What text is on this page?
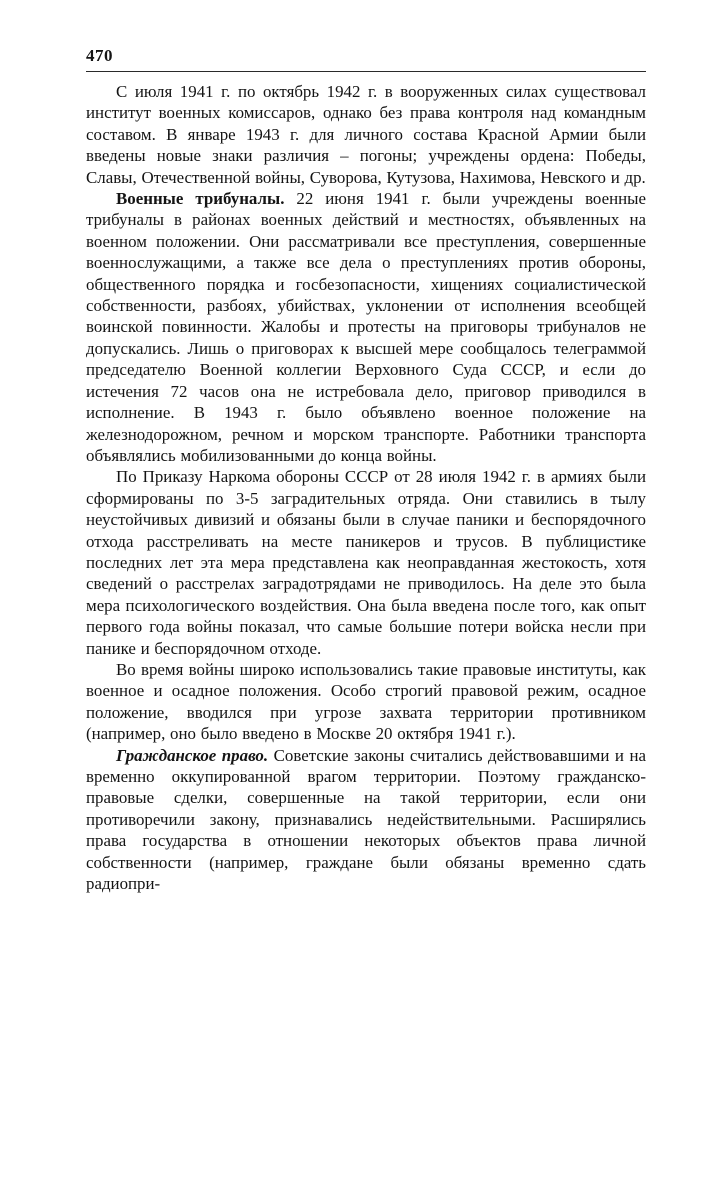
470

С июля 1941 г. по октябрь 1942 г. в вооруженных силах существовал институт военных комиссаров, однако без права контроля над командным составом. В январе 1943 г. для личного состава Красной Армии были введены новые знаки различия – погоны; учреждены ордена: Победы, Славы, Отечественной войны, Суворова, Кутузова, Нахимова, Невского и др.

Военные трибуналы. 22 июня 1941 г. были учреждены военные трибуналы в районах военных действий и местностях, объявленных на военном положении. Они рассматривали все преступления, совершенные военнослужащими, а также все дела о преступлениях против обороны, общественного порядка и госбезопасности, хищениях социалистической собственности, разбоях, убийствах, уклонении от исполнения всеобщей воинской повинности. Жалобы и протесты на приговоры трибуналов не допускались. Лишь о приговорах к высшей мере сообщалось телеграммой председателю Военной коллегии Верховного Суда СССР, и если до истечения 72 часов она не истребовала дело, приговор приводился в исполнение. В 1943 г. было объявлено военное положение на железнодорожном, речном и морском транспорте. Работники транспорта объявлялись мобилизованными до конца войны.

По Приказу Наркома обороны СССР от 28 июля 1942 г. в армиях были сформированы по 3-5 заградительных отряда. Они ставились в тылу неустойчивых дивизий и обязаны были в случае паники и беспорядочного отхода расстреливать на месте паникеров и трусов. В публицистике последних лет эта мера представлена как неоправданная жестокость, хотя сведений о расстрелах заградотрядами не приводилось. На деле это была мера психологического воздействия. Она была введена после того, как опыт первого года войны показал, что самые большие потери войска несли при панике и беспорядочном отходе.

Во время войны широко использовались такие правовые институты, как военное и осадное положения. Особо строгий правовой режим, осадное положение, вводился при угрозе захвата территории противником (например, оно было введено в Москве 20 октября 1941 г.).

Гражданское право. Советские законы считались действовавшими и на временно оккупированной врагом территории. Поэтому гражданско-правовые сделки, совершенные на такой территории, если они противоречили закону, признавались недействительными. Расширялись права государства в отношении некоторых объектов права личной собственности (например, граждане были обязаны временно сдать радиопри-
